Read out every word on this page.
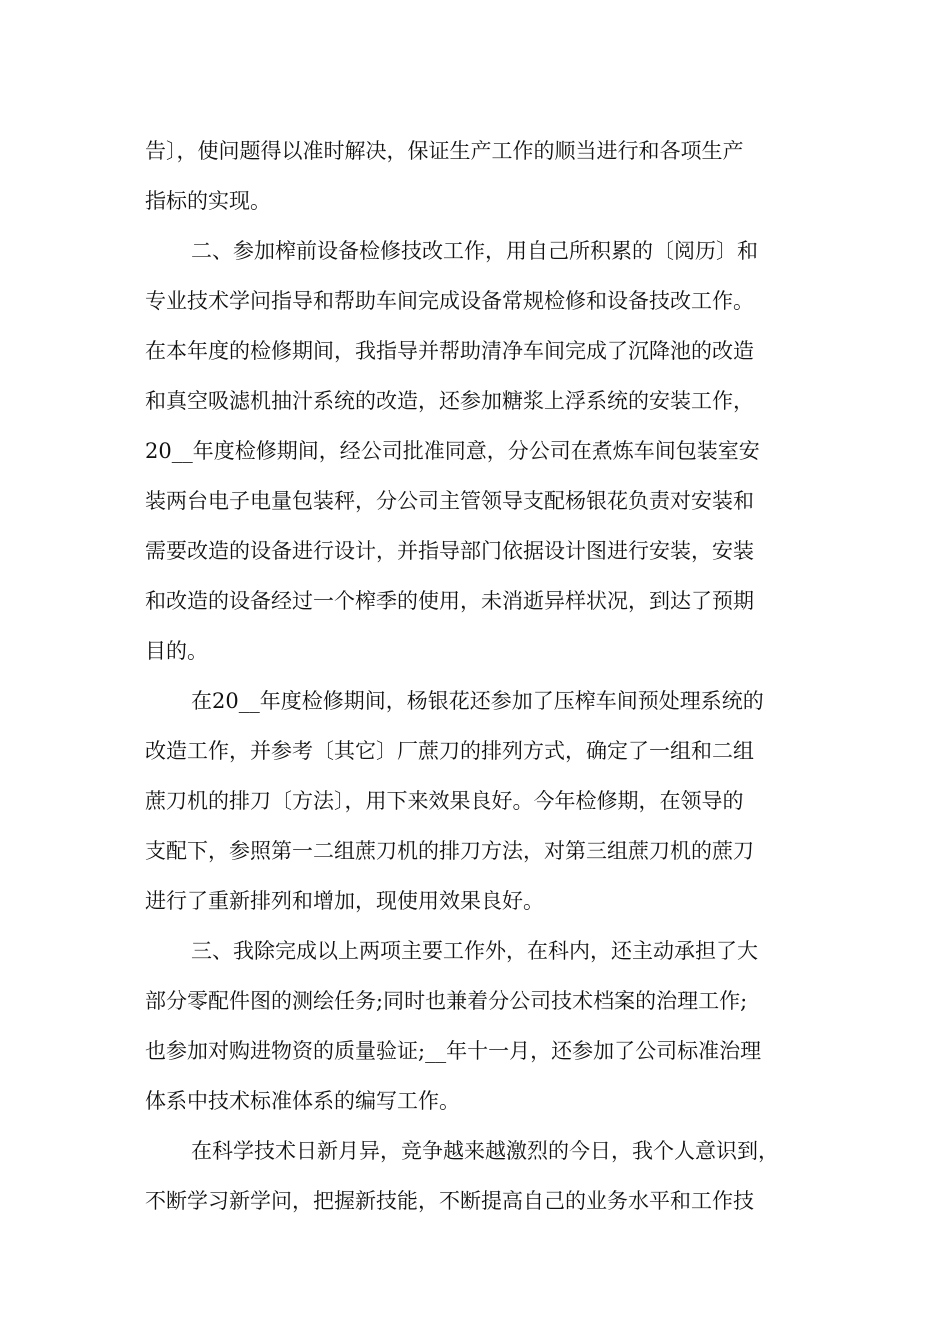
告〕，使问题得以准时解决，保证生产工作的顺当进行和各项生产
指标的实现。
二、参加榨前设备检修技改工作，用自己所积累的〔阅历〕和
专业技术学问指导和帮助车间完成设备常规检修和设备技改工作。
在本年度的检修期间，我指导并帮助清净车间完成了沉降池的改造
和真空吸滤机抽汁系统的改造，还参加糖浆上浮系统的安装工作，
20__年度检修期间，经公司批准同意，分公司在煮炼车间包装室安
装两台电子电量包装秤，分公司主管领导支配杨银花负责对安装和
需要改造的设备进行设计，并指导部门依据设计图进行安装，安装
和改造的设备经过一个榨季的使用，未消逝异样状况，到达了预期
目的。
在20__年度检修期间，杨银花还参加了压榨车间预处理系统的
改造工作，并参考〔其它〕厂蔗刀的排列方式，确定了一组和二组
蔗刀机的排刀〔方法〕，用下来效果良好。今年检修期，在领导的
支配下，参照第一二组蔗刀机的排刀方法，对第三组蔗刀机的蔗刀
进行了重新排列和增加，现使用效果良好。
三、我除完成以上两项主要工作外，在科内，还主动承担了大
部分零配件图的测绘任务;同时也兼着分公司技术档案的治理工作;
也参加对购进物资的质量验证;__年十一月，还参加了公司标准治理
体系中技术标准体系的编写工作。
在科学技术日新月异，竞争越来越激烈的今日，我个人意识到，
不断学习新学问，把握新技能，不断提高自己的业务水平和工作技
